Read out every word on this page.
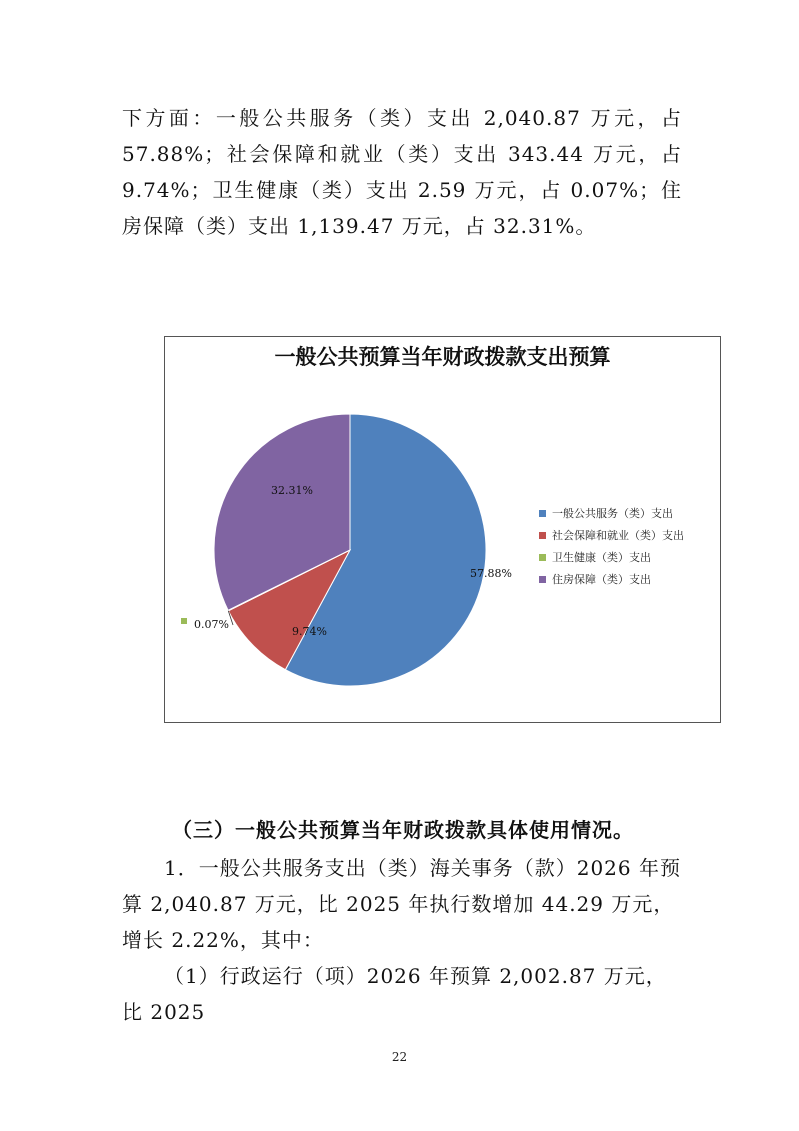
下方面：一般公共服务（类）支出 2,040.87 万元，占 57.88%；社会保障和就业（类）支出 343.44 万元，占 9.74%；卫生健康（类）支出 2.59 万元，占 0.07%；住房保障（类）支出 1,139.47 万元，占 32.31%。

一般公共预算当年财政拨款支出预算
57.88%
9.74%
0.07%
32.31%
一般公共服务（类）支出
社会保障和就业（类）支出
卫生健康（类）支出
住房保障（类）支出
（三）一般公共预算当年财政拨款具体使用情况。

1．一般公共服务支出（类）海关事务（款）2026 年预算 2,040.87 万元，比 2025 年执行数增加 44.29 万元，增长 2.22%，其中：

（1）行政运行（项）2026 年预算 2,002.87 万元，比 2025

22
